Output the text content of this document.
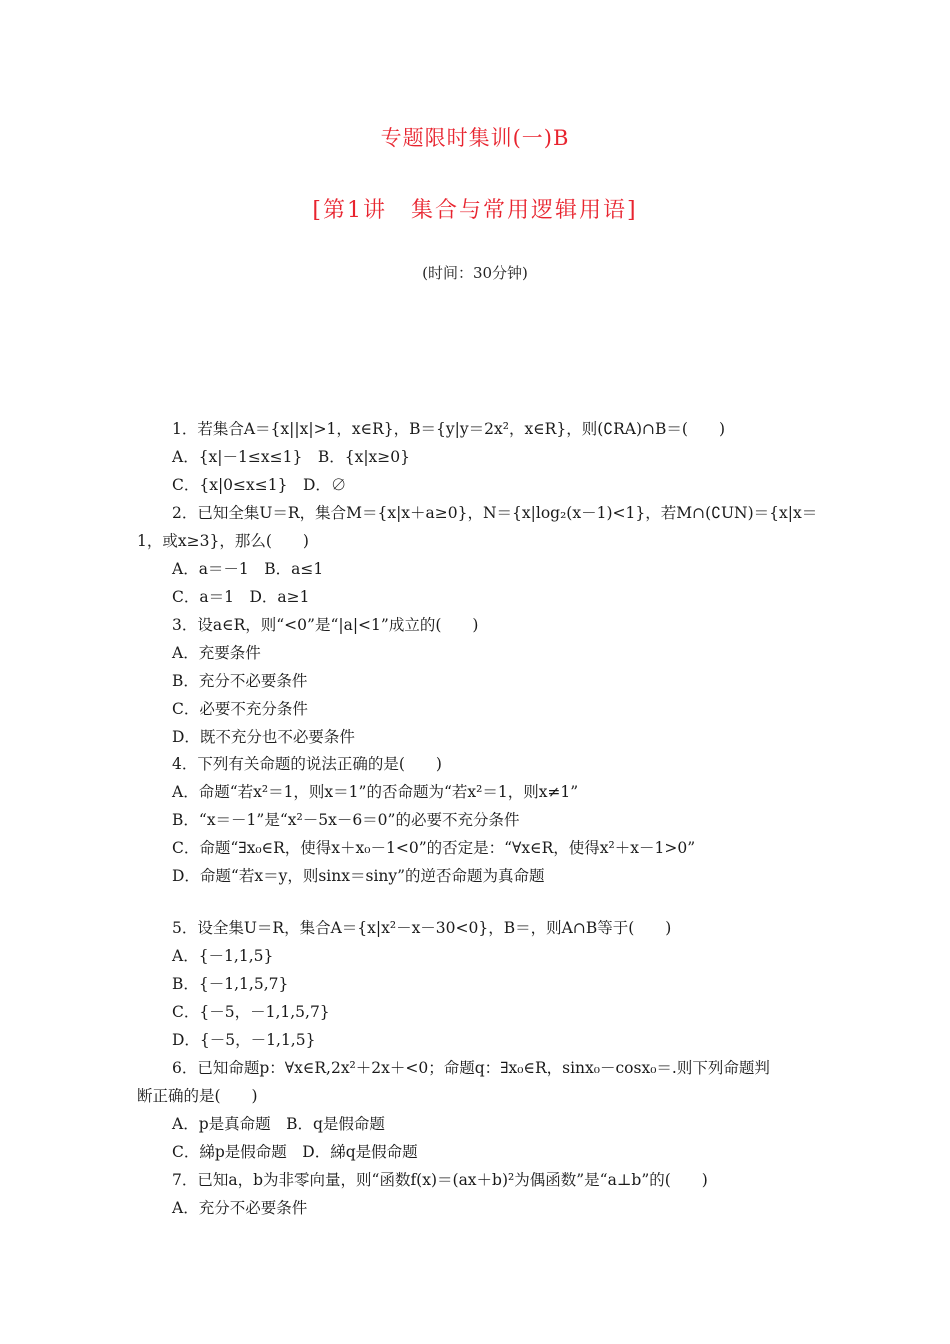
专题限时集训(一)B
[第1讲　集合与常用逻辑用语]
(时间：30分钟)
1．若集合A＝{x||x|>1，x∈R}，B＝{y|y＝2x²，x∈R}，则(∁RA)∩B＝(　　)
A．{x|－1≤x≤1}　B．{x|x≥0}
C．{x|0≤x≤1}　D．∅
2．已知全集U＝R，集合M＝{x|x＋a≥0}，N＝{x|log₂(x－1)<1}，若M∩(∁UN)＝{x|x＝
1，或x≥3}，那么(　　)
A．a＝－1　B．a≤1
C．a＝1　D．a≥1
3．设a∈R，则“<0”是“|a|<1”成立的(　　)
A．充要条件
B．充分不必要条件
C．必要不充分条件
D．既不充分也不必要条件
4．下列有关命题的说法正确的是(　　)
A．命题“若x²＝1，则x＝1”的否命题为“若x²＝1，则x≠1”
B．“x＝－1”是“x²－5x－6＝0”的必要不充分条件
C．命题“∃x₀∈R，使得x＋x₀－1<0”的否定是：“∀x∈R，使得x²＋x－1>0”
D．命题“若x＝y，则sinx＝siny”的逆否命题为真命题
5．设全集U＝R，集合A＝{x|x²－x－30<0}，B＝，则A∩B等于(　　)
A．{－1,1,5}
B．{－1,1,5,7}
C．{－5，－1,1,5,7}
D．{－5，－1,1,5}
6．已知命题p：∀x∈R,2x²＋2x＋<0；命题q：∃x₀∈R，sinx₀－cosx₀＝.则下列命题判
断正确的是(　　)
A．p是真命题　B．q是假命题
C．綈p是假命题　D．綈q是假命题
7．已知a，b为非零向量，则“函数f(x)＝(ax＋b)²为偶函数”是“a⊥b”的(　　)
A．充分不必要条件
